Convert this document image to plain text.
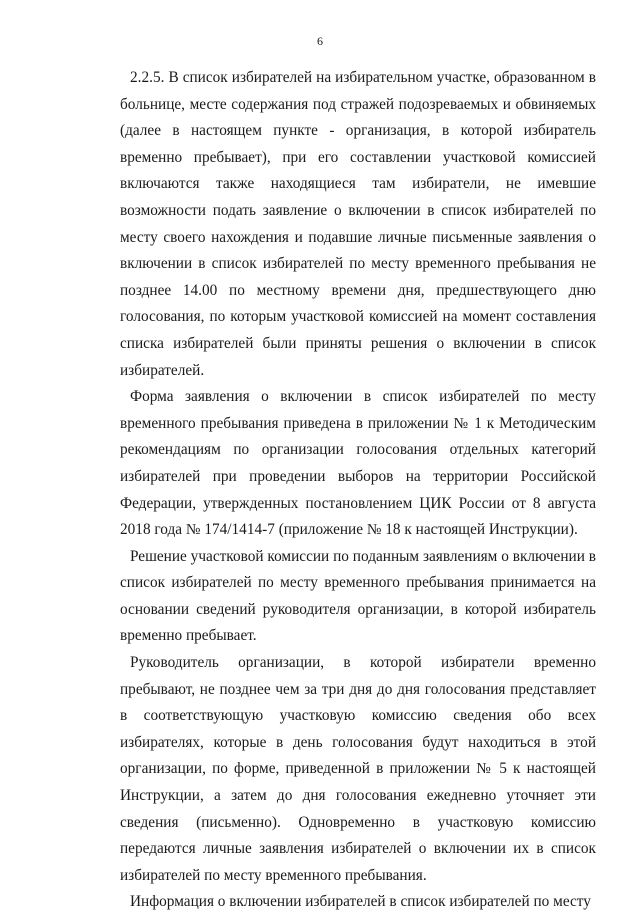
6

2.2.5. В список избирателей на избирательном участке, образованном в больнице, месте содержания под стражей подозреваемых и обвиняемых (далее в настоящем пункте - организация, в которой избиратель временно пребывает), при его составлении участковой комиссией включаются также находящиеся там избиратели, не имевшие возможности подать заявление о включении в список избирателей по месту своего нахождения и подавшие личные письменные заявления о включении в список избирателей по месту временного пребывания не позднее 14.00 по местному времени дня, предшествующего дню голосования, по которым участковой комиссией на момент составления списка избирателей были приняты решения о включении в список избирателей.

Форма заявления о включении в список избирателей по месту временного пребывания приведена в приложении № 1 к Методическим рекомендациям по организации голосования отдельных категорий избирателей при проведении выборов на территории Российской Федерации, утвержденных постановлением ЦИК России от 8 августа 2018 года № 174/1414-7 (приложение № 18 к настоящей Инструкции).

Решение участковой комиссии по поданным заявлениям о включении в список избирателей по месту временного пребывания принимается на основании сведений руководителя организации, в которой избиратель временно пребывает.

Руководитель организации, в которой избиратели временно пребывают, не позднее чем за три дня до дня голосования представляет в соответствующую участковую комиссию сведения обо всех избирателях, которые в день голосования будут находиться в этой организации, по форме, приведенной в приложении № 5 к настоящей Инструкции, а затем до дня голосования ежедневно уточняет эти сведения (письменно). Одновременно в участковую комиссию передаются личные заявления избирателей о включении их в список избирателей по месту временного пребывания.

Информация о включении избирателей в список избирателей по месту
